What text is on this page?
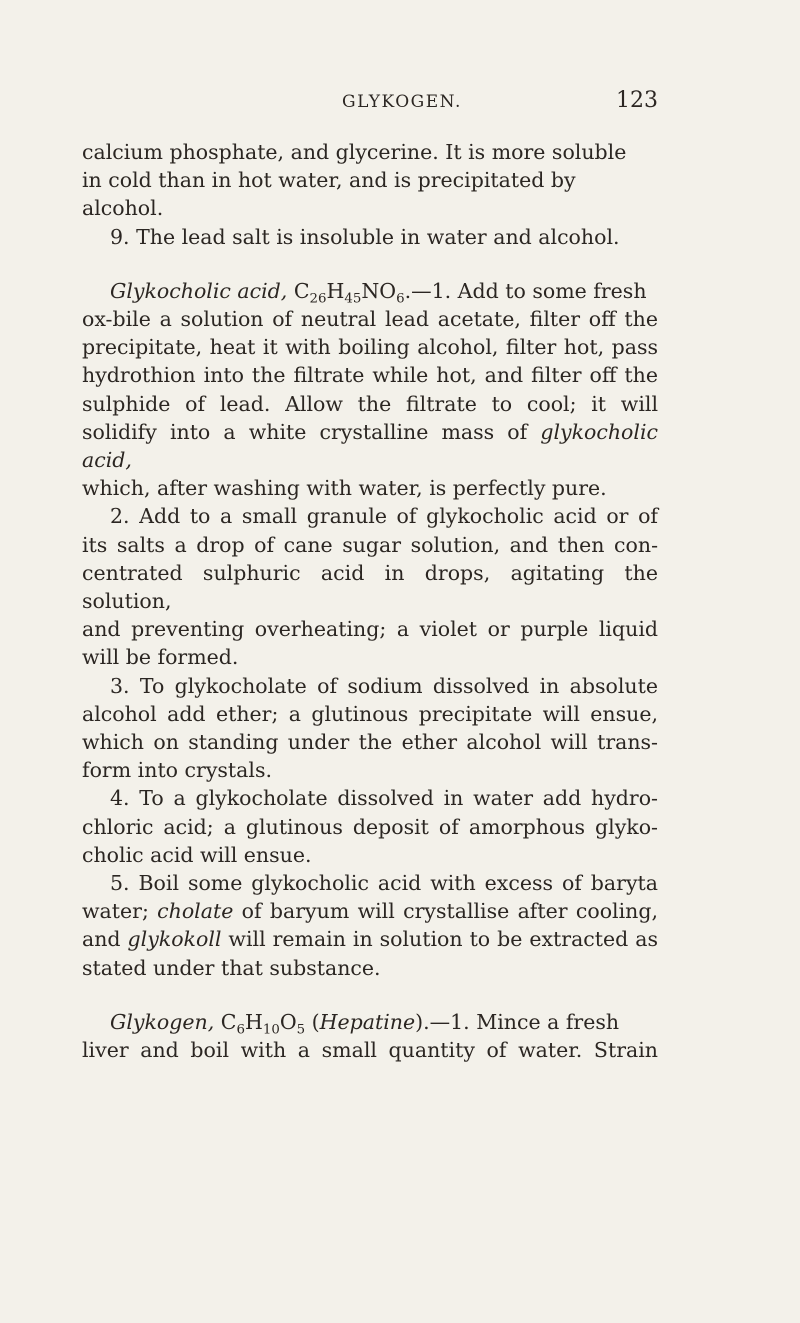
GLYKOGEN.	123

calcium phosphate, and glycerine. It is more soluble
in cold than in hot water, and is precipitated by
alcohol.

9. The lead salt is insoluble in water and alcohol.

Glykocholic acid, $C_{26}H_{45}NO_6.—1$. Add to some fresh

ox-bile a solution of neutral lead acetate, filter off the
precipitate, heat it with boiling alcohol, filter hot, pass
hydrothion into the filtrate while hot, and filter off the
sulphide of lead. Allow the filtrate to cool; it will
solidify into a white crystalline mass of glykocholic acid,
which, after washing with water, is perfectly pure.

2. Add to a small granule of glykocholic acid or of

its salts a drop of cane sugar solution, and then con-
centrated sulphuric acid in drops, agitating the solution,
and preventing overheating; a violet or purple liquid
will be formed.

3. To glykocholate of sodium dissolved in absolute

alcohol add ether; a glutinous precipitate will ensue,
which on standing under the ether alcohol will trans-
form into crystals.

4. To a glykocholate dissolved in water add hydro-

chloric acid; a glutinous deposit of amorphous glyko-
cholic acid will ensue.

5. Boil some glykocholic acid with excess of baryta

water; cholate of baryum will crystallise after cooling,
and glykokoll will remain in solution to be extracted as
stated under that substance.

Glykogen, $C_6H_{10}O_5$ (Hepatine).—1. Mince a fresh

liver and boil with a small quantity of water. Strain
